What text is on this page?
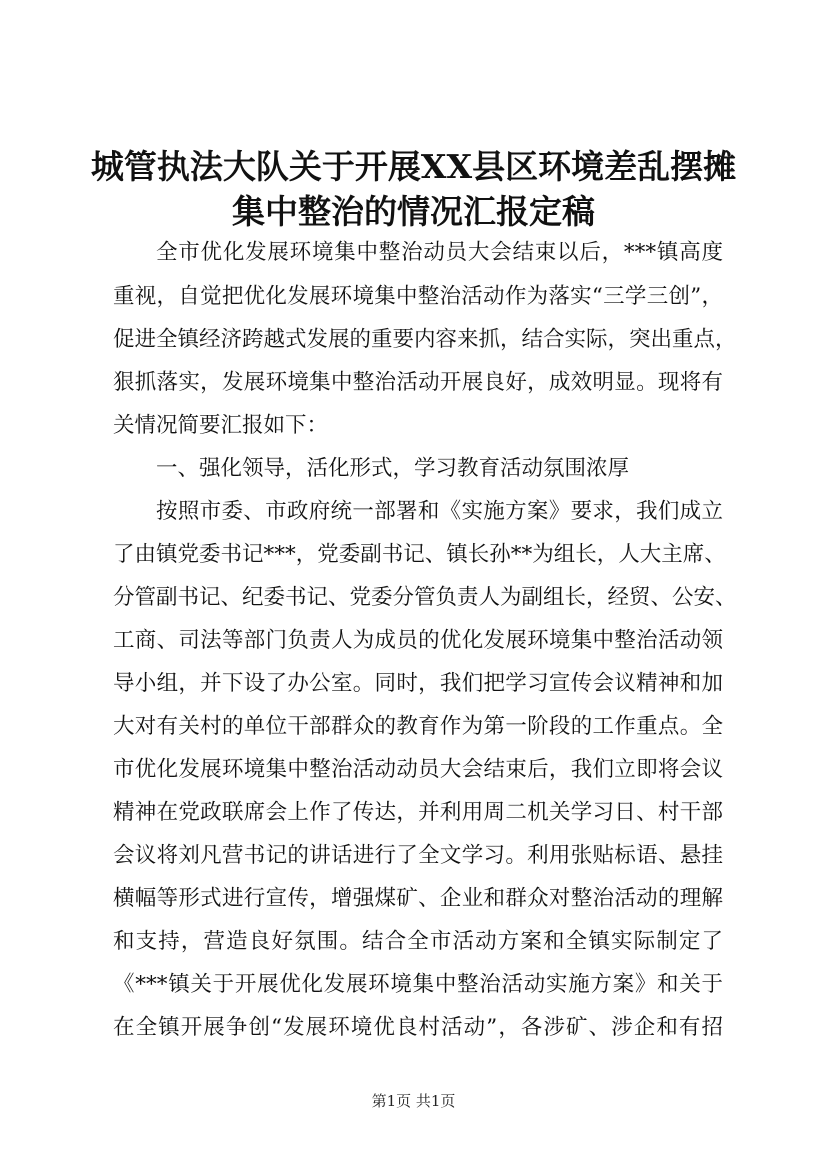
城管执法大队关于开展XX县区环境差乱摆摊
集中整治的情况汇报定稿
全市优化发展环境集中整治动员大会结束以后，***镇高度
重视，自觉把优化发展环境集中整治活动作为落实“三学三创”，
促进全镇经济跨越式发展的重要内容来抓，结合实际，突出重点，
狠抓落实，发展环境集中整治活动开展良好，成效明显。现将有
关情况简要汇报如下：
一、强化领导，活化形式，学习教育活动氛围浓厚
按照市委、市政府统一部署和《实施方案》要求，我们成立
了由镇党委书记***，党委副书记、镇长孙**为组长，人大主席、
分管副书记、纪委书记、党委分管负责人为副组长，经贸、公安、
工商、司法等部门负责人为成员的优化发展环境集中整治活动领
导小组，并下设了办公室。同时，我们把学习宣传会议精神和加
大对有关村的单位干部群众的教育作为第一阶段的工作重点。全
市优化发展环境集中整治活动动员大会结束后，我们立即将会议
精神在党政联席会上作了传达，并利用周二机关学习日、村干部
会议将刘凡营书记的讲话进行了全文学习。利用张贴标语、悬挂
横幅等形式进行宣传，增强煤矿、企业和群众对整治活动的理解
和支持，营造良好氛围。结合全市活动方案和全镇实际制定了
《***镇关于开展优化发展环境集中整治活动实施方案》和关于
在全镇开展争创“发展环境优良村活动”，各涉矿、涉企和有招
第1页 共1页
